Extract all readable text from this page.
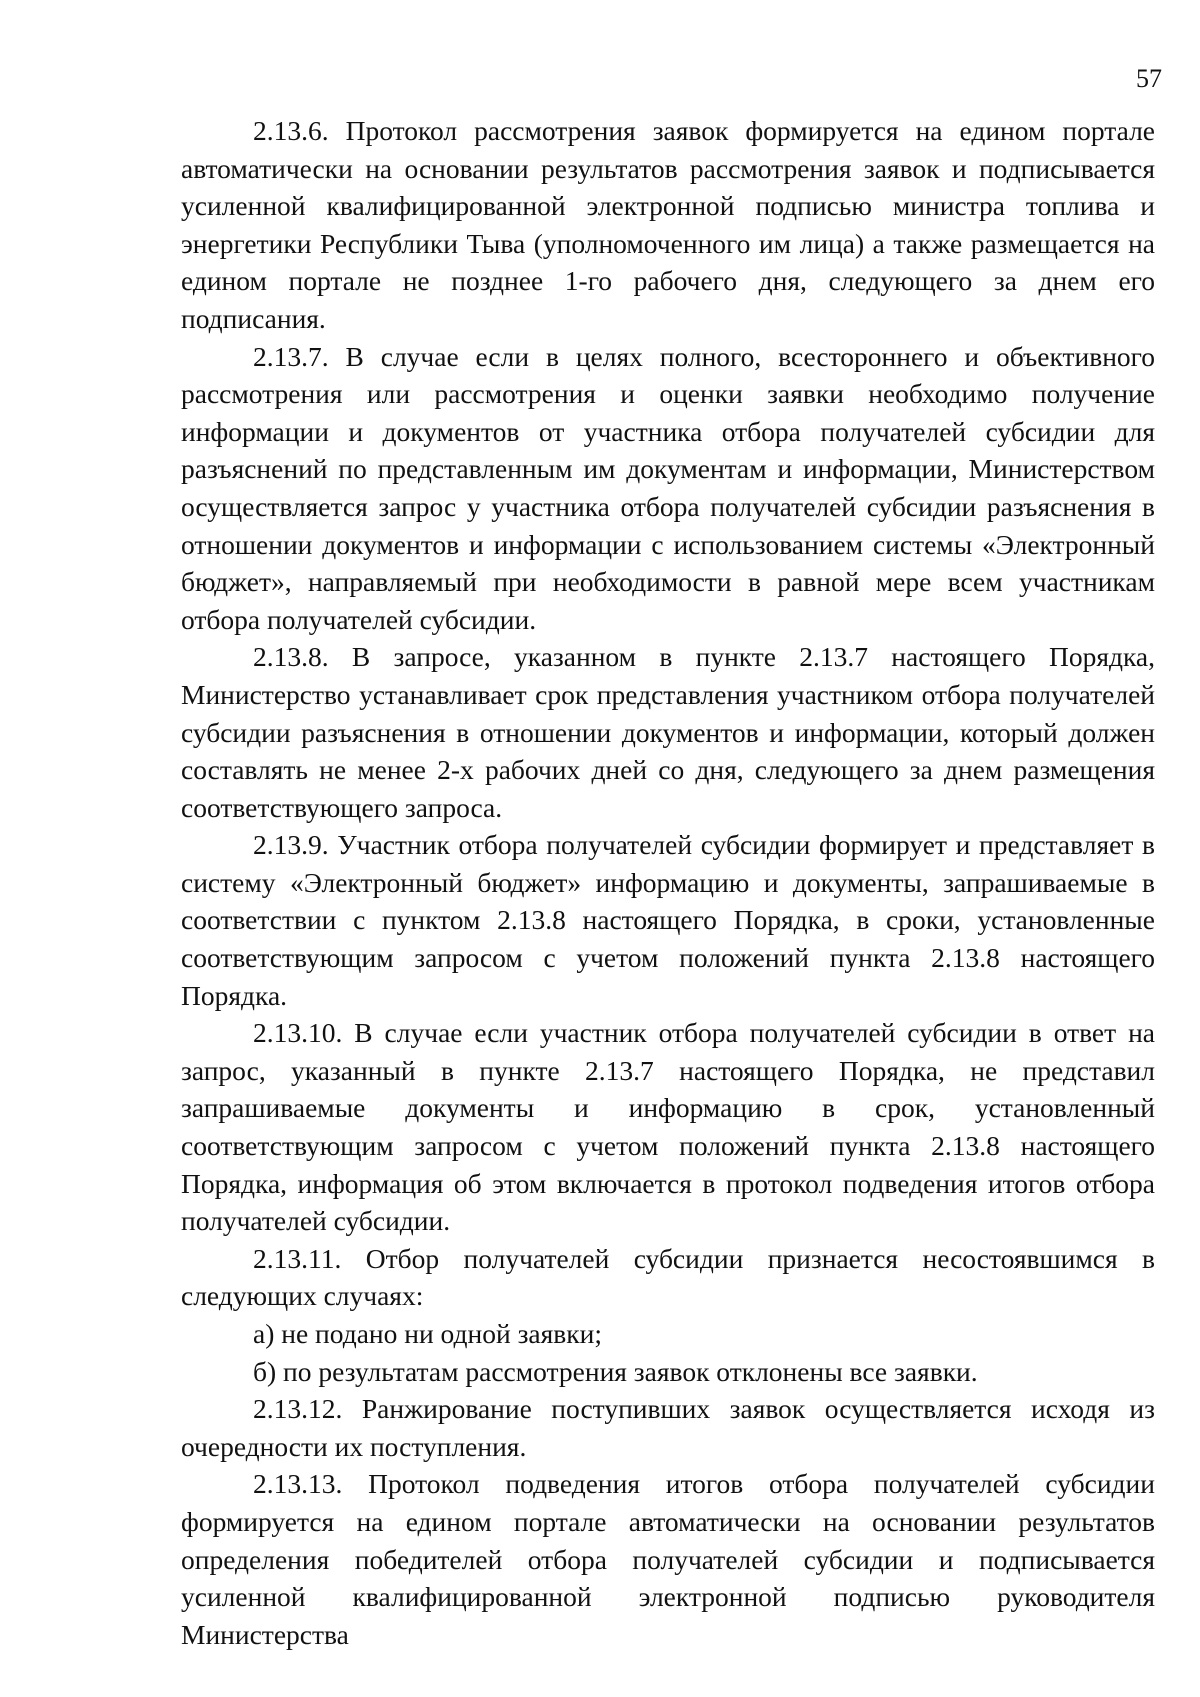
57

2.13.6. Протокол рассмотрения заявок формируется на едином портале автоматически на основании результатов рассмотрения заявок и подписывается усиленной квалифицированной электронной подписью министра топлива и энергетики Республики Тыва (уполномоченного им лица) а также размещается на едином портале не позднее 1-го рабочего дня, следующего за днем его подписания.

2.13.7. В случае если в целях полного, всестороннего и объективного рассмотрения или рассмотрения и оценки заявки необходимо получение информации и документов от участника отбора получателей субсидии для разъяснений по представленным им документам и информации, Министерством осуществляется запрос у участника отбора получателей субсидии разъяснения в отношении документов и информации с использованием системы «Электронный бюджет», направляемый при необходимости в равной мере всем участникам отбора получателей субсидии.

2.13.8. В запросе, указанном в пункте 2.13.7 настоящего Порядка, Министерство устанавливает срок представления участником отбора получателей субсидии разъяснения в отношении документов и информации, который должен составлять не менее 2-х рабочих дней со дня, следующего за днем размещения соответствующего запроса.

2.13.9. Участник отбора получателей субсидии формирует и представляет в систему «Электронный бюджет» информацию и документы, запрашиваемые в соответствии с пунктом 2.13.8 настоящего Порядка, в сроки, установленные соответствующим запросом с учетом положений пункта 2.13.8 настоящего Порядка.

2.13.10. В случае если участник отбора получателей субсидии в ответ на запрос, указанный в пункте 2.13.7 настоящего Порядка, не представил запрашиваемые документы и информацию в срок, установленный соответствующим запросом с учетом положений пункта 2.13.8 настоящего Порядка, информация об этом включается в протокол подведения итогов отбора получателей субсидии.

2.13.11. Отбор получателей субсидии признается несостоявшимся в следующих случаях:

а) не подано ни одной заявки;

б) по результатам рассмотрения заявок отклонены все заявки.

2.13.12. Ранжирование поступивших заявок осуществляется исходя из очередности их поступления.

2.13.13. Протокол подведения итогов отбора получателей субсидии формируется на едином портале автоматически на основании результатов определения победителей отбора получателей субсидии и подписывается усиленной квалифицированной электронной подписью руководителя Министерства
